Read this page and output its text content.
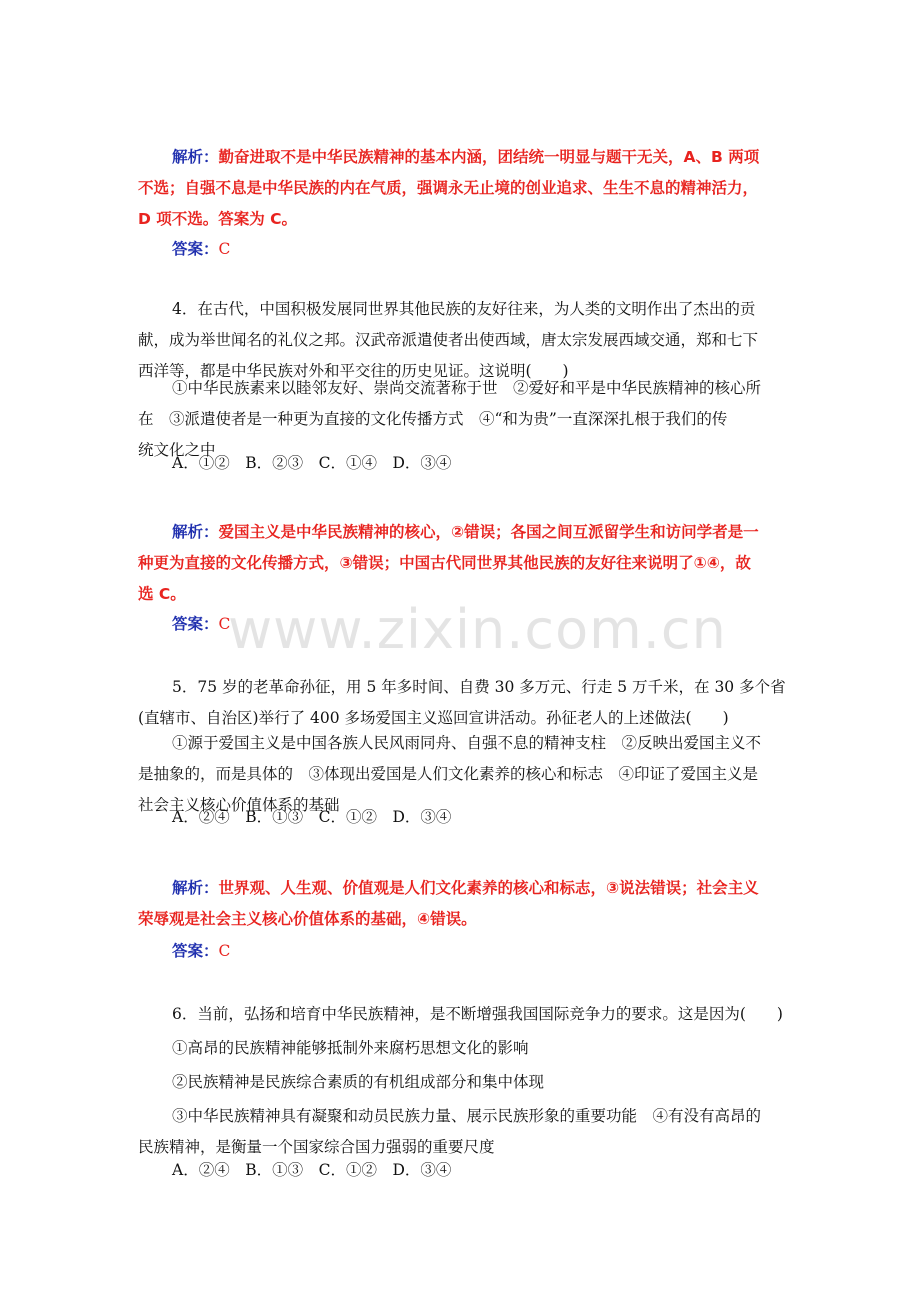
解析：勤奋进取不是中华民族精神的基本内涵，团结统一明显与题干无关，A、B 两项
不选；自强不息是中华民族的内在气质，强调永无止境的创业追求、生生不息的精神活力，
D 项不选。答案为 C。
答案：C
4．在古代，中国积极发展同世界其他民族的友好往来，为人类的文明作出了杰出的贡
献，成为举世闻名的礼仪之邦。汉武帝派遣使者出使西域，唐太宗发展西域交通，郑和七下
西洋等，都是中华民族对外和平交往的历史见证。这说明(　　)
①中华民族素来以睦邻友好、崇尚交流著称于世　②爱好和平是中华民族精神的核心所
在　③派遣使者是一种更为直接的文化传播方式　④“和为贵”一直深深扎根于我们的传
统文化之中
A．①②　B．②③　C．①④　D．③④
解析：爱国主义是中华民族精神的核心，②错误；各国之间互派留学生和访问学者是一
种更为直接的文化传播方式，③错误；中国古代同世界其他民族的友好往来说明了①④，故
选 C。
答案：C
www.zixin.com.cn
5．75 岁的老革命孙征，用 5 年多时间、自费 30 多万元、行走 5 万千米，在 30 多个省
(直辖市、自治区)举行了 400 多场爱国主义巡回宣讲活动。孙征老人的上述做法(　　)
①源于爱国主义是中国各族人民风雨同舟、自强不息的精神支柱　②反映出爱国主义不
是抽象的，而是具体的　③体现出爱国是人们文化素养的核心和标志　④印证了爱国主义是
社会主义核心价值体系的基础
A．②④　B．①③　C．①②　D．③④
解析：世界观、人生观、价值观是人们文化素养的核心和标志，③说法错误；社会主义
荣辱观是社会主义核心价值体系的基础，④错误。
答案：C
6．当前，弘扬和培育中华民族精神，是不断增强我国国际竞争力的要求。这是因为(　　)
①高昂的民族精神能够抵制外来腐朽思想文化的影响
②民族精神是民族综合素质的有机组成部分和集中体现
③中华民族精神具有凝聚和动员民族力量、展示民族形象的重要功能　④有没有高昂的
民族精神，是衡量一个国家综合国力强弱的重要尺度
A．②④　B．①③　C．①②　D．③④
